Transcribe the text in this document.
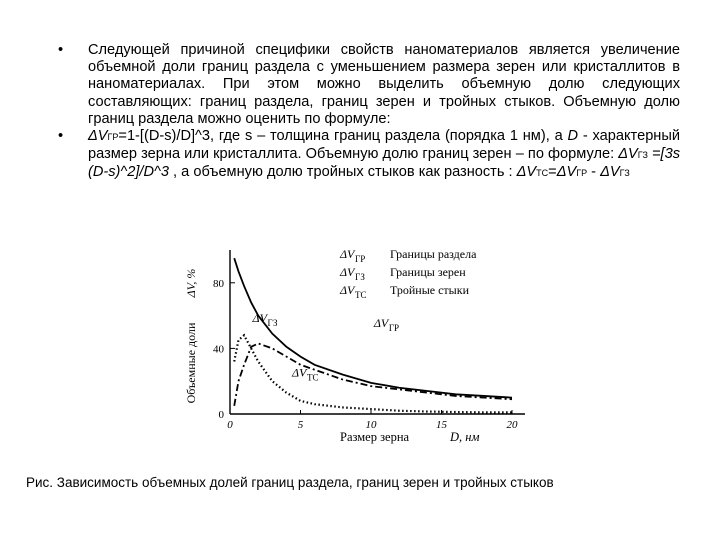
• Следующей причиной специфики свойств наноматериалов является увеличение объемной доли границ раздела с уменьшением размера зерен или кристаллитов в наноматериалах. При этом можно выделить объемную долю следующих составляющих: границ раздела, границ зерен и тройных стыков. Объемную долю границ раздела можно оценить по формуле:
• ΔVГР=1-[(D-s)/D]^3, где s – толщина границ раздела (порядка 1 нм), а D - характерный размер зерна или кристаллита. Объемную долю границ зерен – по формуле: ΔVГЗ =[3s (D-s)^2]/D^3 , а объемную долю тройных стыков как разность : ΔVТС=ΔVГР - ΔVГЗ
0
40
80
0	5	10	15	20
ΔV ГР Границы раздела
ΔV ГЗ Границы зерен
ΔV ТС Тройные стыки
ΔV ГР
ΔV ГЗ
ΔV ТС
Объемные доли
ΔV, %
Размер зерна	D, нм
Рис. Зависимость объемных долей границ раздела, границ зерен и тройных стыков
